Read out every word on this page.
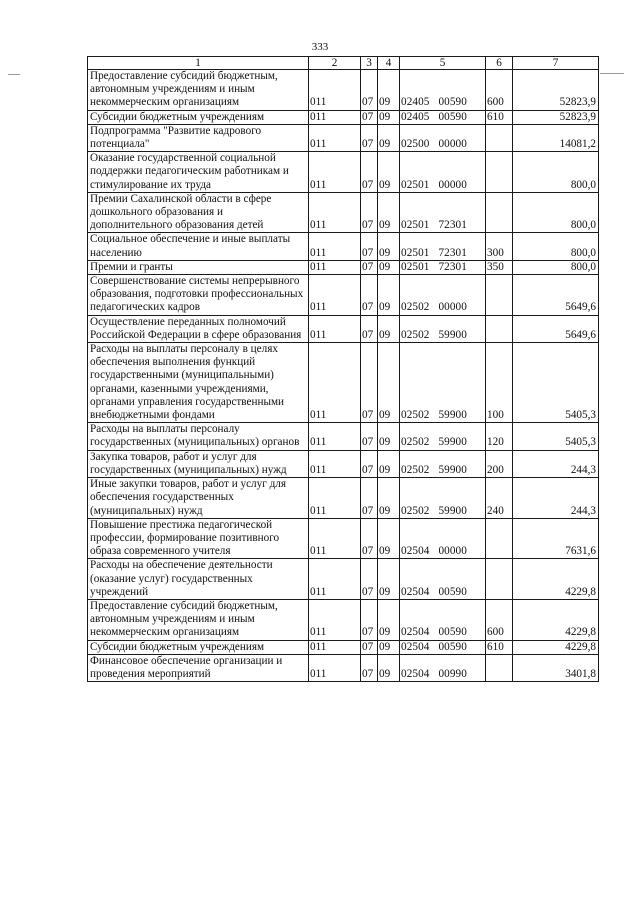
333
1	2	3	4	5	6	7
Предоставление субсидий бюджетным, автономным учреждениям и иным некоммерческим организациям	011	07	09	02405 00590	600	52823,9
Субсидии бюджетным учреждениям	011	07	09	02405 00590	610	52823,9
Подпрограмма "Развитие кадрового потенциала"	011	07	09	02500 00000		14081,2
Оказание государственной социальной поддержки педагогическим работникам и стимулирование их труда	011	07	09	02501 00000		800,0
Премии Сахалинской области в сфере дошкольного образования и дополнительного образования детей	011	07	09	02501 72301		800,0
Социальное обеспечение и иные выплаты населению	011	07	09	02501 72301	300	800,0
Премии и гранты	011	07	09	02501 72301	350	800,0
Совершенствование системы непрерывного образования, подготовки профессиональных педагогических кадров	011	07	09	02502 00000		5649,6
Осуществление переданных полномочий Российской Федерации в сфере образования	011	07	09	02502 59900		5649,6
Расходы на выплаты персоналу в целях обеспечения выполнения функций государственными (муниципальными) органами, казенными учреждениями, органами управления государственными внебюджетными фондами	011	07	09	02502 59900	100	5405,3
Расходы на выплаты персоналу государственных (муниципальных) органов	011	07	09	02502 59900	120	5405,3
Закупка товаров, работ и услуг для государственных (муниципальных) нужд	011	07	09	02502 59900	200	244,3
Иные закупки товаров, работ и услуг для обеспечения государственных (муниципальных) нужд	011	07	09	02502 59900	240	244,3
Повышение престижа педагогической профессии, формирование позитивного образа современного учителя	011	07	09	02504 00000		7631,6
Расходы на обеспечение деятельности (оказание услуг) государственных учреждений	011	07	09	02504 00590		4229,8
Предоставление субсидий бюджетным, автономным учреждениям и иным некоммерческим организациям	011	07	09	02504 00590	600	4229,8
Субсидии бюджетным учреждениям	011	07	09	02504 00590	610	4229,8
Финансовое обеспечение организации и проведения мероприятий	011	07	09	02504 00990		3401,8
